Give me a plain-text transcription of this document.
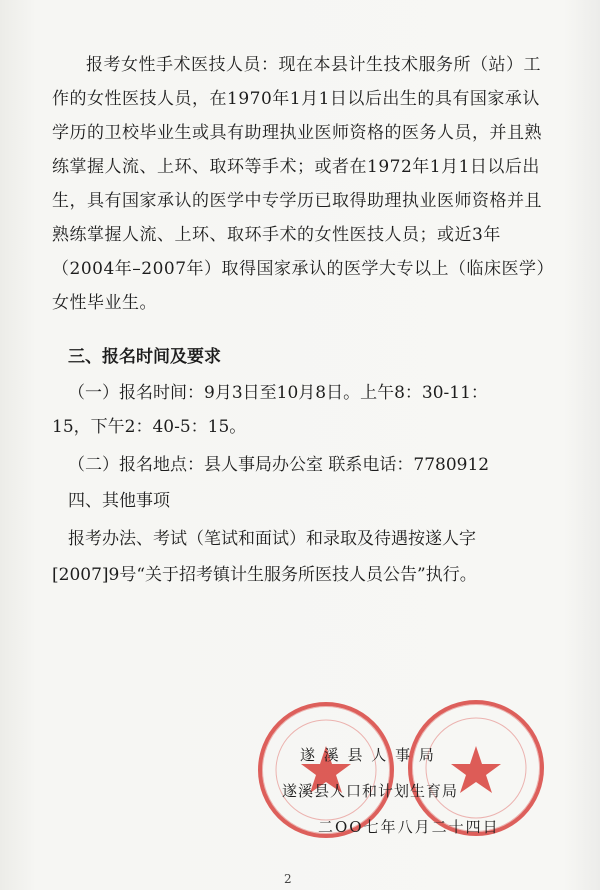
报考女性手术医技人员：现在本县计生技术服务所（站）工作的女性医技人员，在1970年1月1日以后出生的具有国家承认学历的卫校毕业生或具有助理执业医师资格的医务人员，并且熟练掌握人流、上环、取环等手术；或者在1972年1月1日以后出生，具有国家承认的医学中专学历已取得助理执业医师资格并且熟练掌握人流、上环、取环手术的女性医技人员；或近3年（2004年–2007年）取得国家承认的医学大专以上（临床医学）女性毕业生。

三、报名时间及要求

（一）报名时间：9月3日至10月8日。上午8：30-11：

15，下午2：40-5：15。

（二）报名地点：县人事局办公室 联系电话：7780912

四、其他事项

报考办法、考试（笔试和面试）和录取及待遇按遂人字

[2007]9号“关于招考镇计生服务所医技人员公告”执行。

遂 溪 县 人 事 局
遂溪县人口和计划生育局
二OO七年八月二十四日
2
